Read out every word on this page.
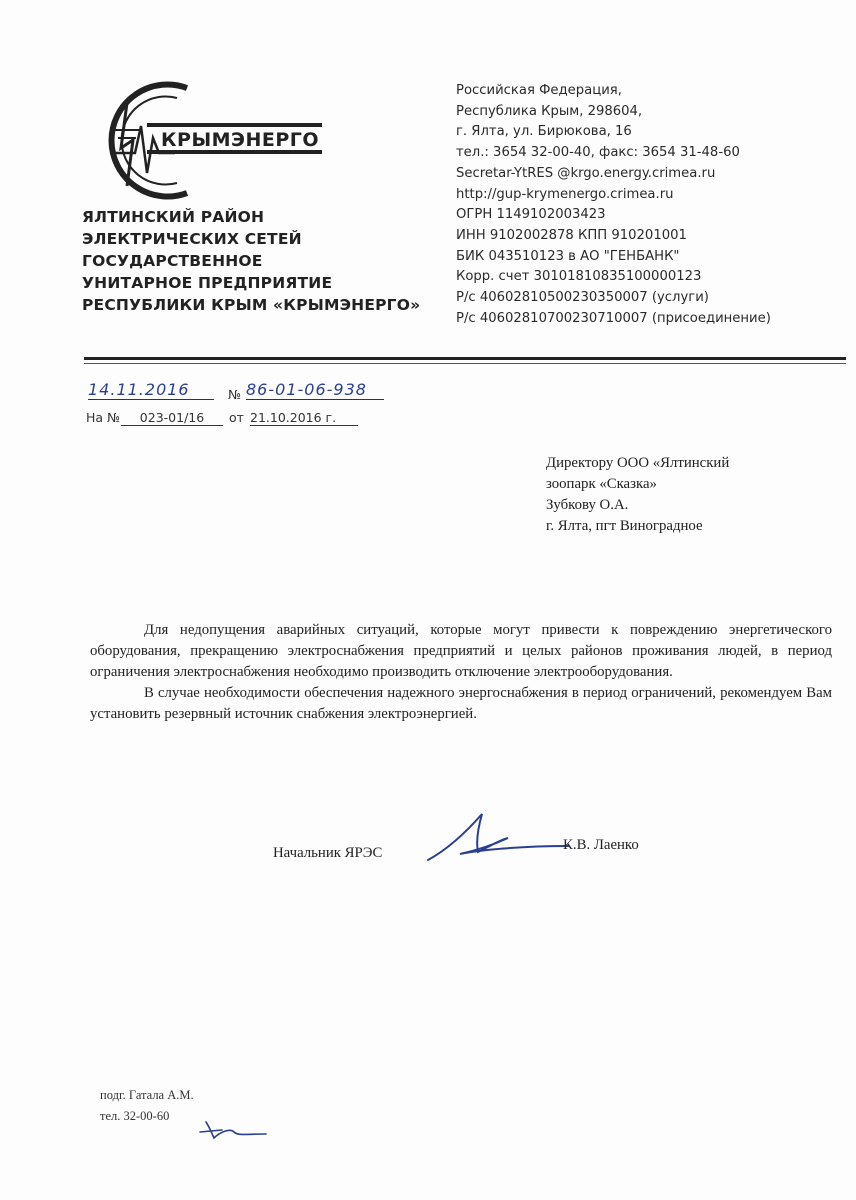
КРЫМЭНЕРГО
ЯЛТИНСКИЙ РАЙОН
ЭЛЕКТРИЧЕСКИХ СЕТЕЙ
ГОСУДАРСТВЕННОЕ
УНИТАРНОЕ ПРЕДПРИЯТИЕ
РЕСПУБЛИКИ КРЫМ «КРЫМЭНЕРГО»
Российская Федерация,
Республика Крым, 298604,
г. Ялта, ул. Бирюкова, 16
тел.: 3654 32-00-40, факс: 3654 31-48-60
Secretar-YtRES @krgo.energy.crimea.ru
http://gup-krymenergo.crimea.ru
ОГРН 1149102003423
ИНН 9102002878 КПП 910201001
БИК 043510123 в АО "ГЕНБАНК"
Корр. счет 30101810835100000123
Р/с 40602810500230350007 (услуги)
Р/с 40602810700230710007 (присоединение)
14.11.2016	№ 86-01-06-938
На №	023-01/16	от 21.10.2016 г.
Директору ООО «Ялтинский
зоопарк «Сказка»
Зубкову О.А.
г. Ялта, пгт Виноградное

Для недопущения аварийных ситуаций, которые могут привести к повреждению энергетического оборудования, прекращению электроснабжения предприятий и целых районов проживания людей, в период ограничения электроснабжения необходимо производить отключение электрооборудования.

В случае необходимости обеспечения надежного энергоснабжения в период ограничений, рекомендуем Вам установить резервный источник снабжения электроэнергией.

Начальник ЯРЭС	К.В. Лаенко
подг. Гатала А.М.
тел. 32-00-60
